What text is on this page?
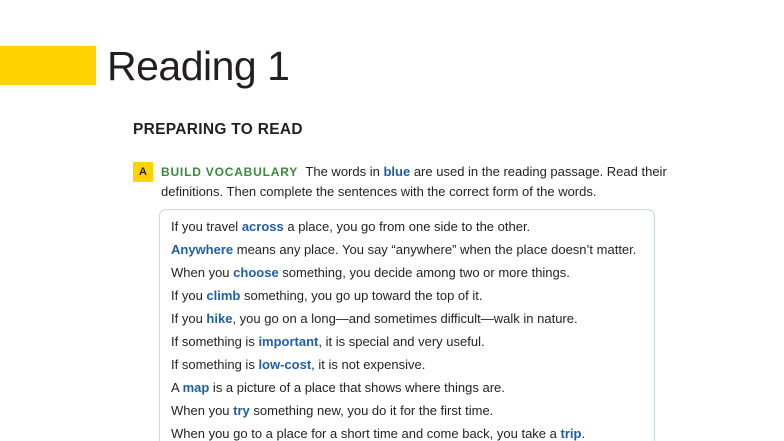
Reading 1
PREPARING TO READ
A	BUILD VOCABULARY The words in blue are used in the reading passage. Read their definitions. Then complete the sentences with the correct form of the words.
If you travel across a place, you go from one side to the other.
Anywhere means any place. You say “anywhere” when the place doesn’t matter.
When you choose something, you decide among two or more things.
If you climb something, you go up toward the top of it.
If you hike, you go on a long—and sometimes difficult—walk in nature.
If something is important, it is special and very useful.
If something is low-cost, it is not expensive.
A map is a picture of a place that shows where things are.
When you try something new, you do it for the first time.
When you go to a place for a short time and come back, you take a trip.
